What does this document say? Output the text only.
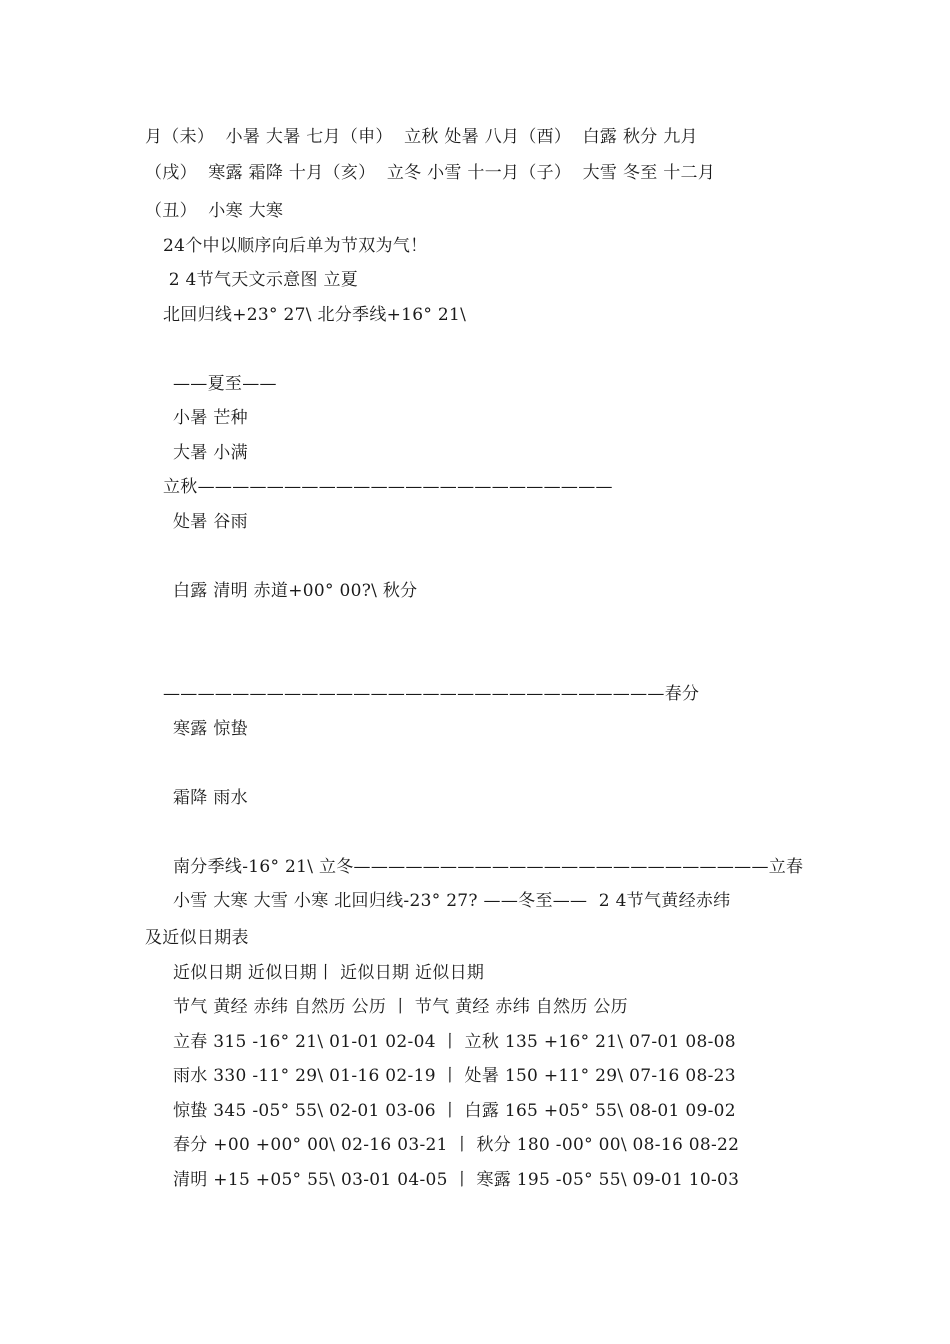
月（未）  小暑 大暑 七月（申）  立秋 处暑 八月（酉）  白露 秋分 九月
（戌）  寒露 霜降 十月（亥）  立冬 小雪 十一月（子）  大雪 冬至 十二月
（丑）  小寒 大寒
24个中以顺序向后单为节双为气！
2 4节气天文示意图 立夏
北回归线+23° 27\ 北分季线+16° 21\
——夏至——
小暑 芒种
大暑 小满
立秋————————————————————————
处暑 谷雨
白露 清明 赤道+00° 00?\ 秋分
—————————————————————————————春分
寒露 惊蛰
霜降 雨水
南分季线-16° 21\ 立冬————————————————————————立春
小雪 大寒 大雪 小寒 北回归线-23° 27? ——冬至——  2 4节气黄经赤纬
及近似日期表
近似日期 近似日期丨 近似日期 近似日期
节气 黄经 赤纬 自然历 公历 丨 节气 黄经 赤纬 自然历 公历
立春 315 -16° 21\ 01-01 02-04 丨 立秋 135 +16° 21\ 07-01 08-08
雨水 330 -11° 29\ 01-16 02-19 丨 处暑 150 +11° 29\ 07-16 08-23
惊蛰 345 -05° 55\ 02-01 03-06 丨 白露 165 +05° 55\ 08-01 09-02
春分 +00 +00° 00\ 02-16 03-21 丨 秋分 180 -00° 00\ 08-16 08-22
清明 +15 +05° 55\ 03-01 04-05 丨 寒露 195 -05° 55\ 09-01 10-03
